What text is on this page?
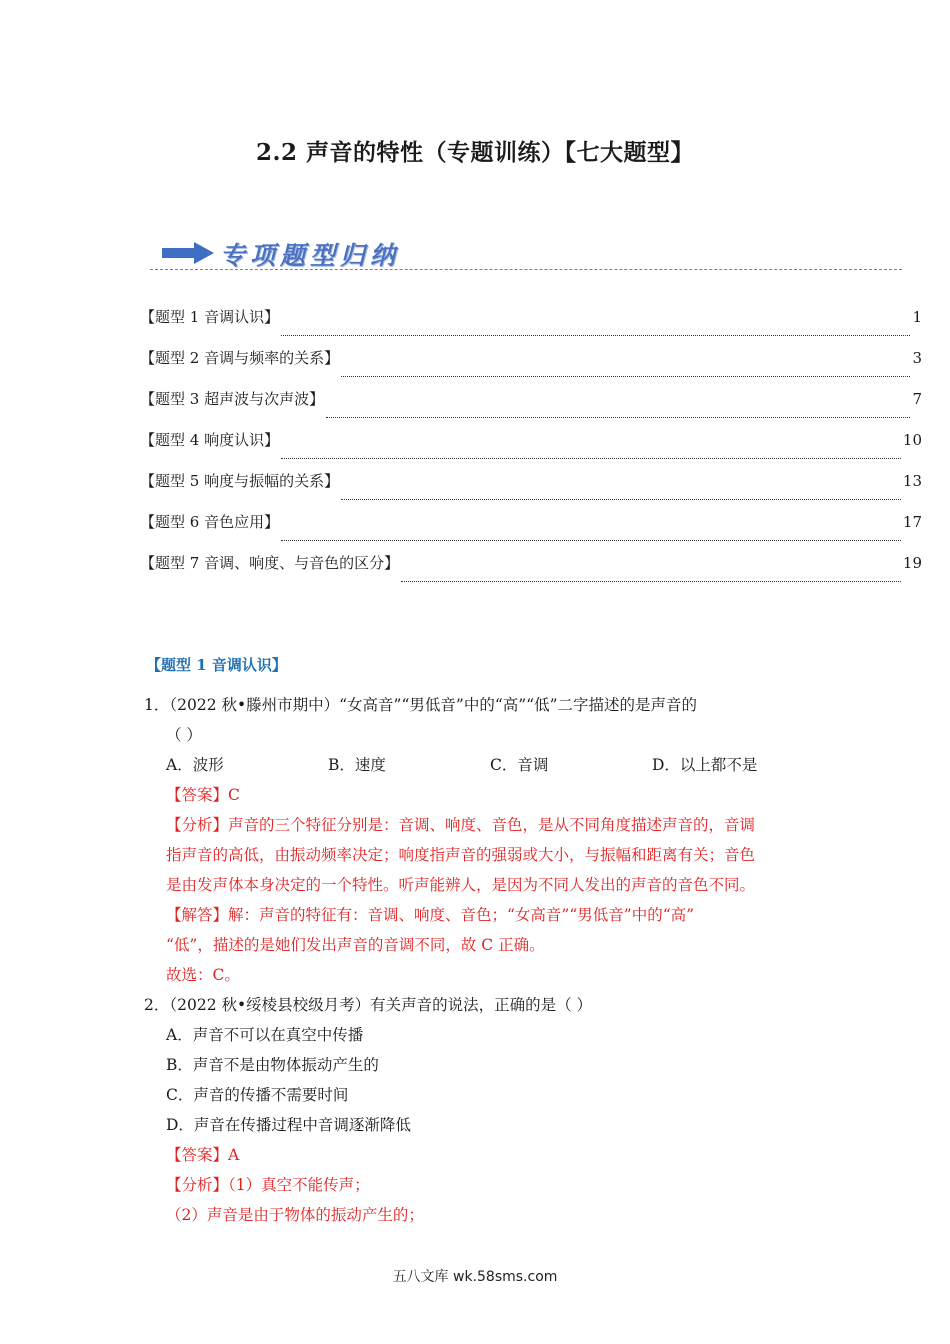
2.2 声音的特性（专题训练）【七大题型】
专项题型归纳
【题型 1 音调认识】	1
【题型 2 音调与频率的关系】	3
【题型 3 超声波与次声波】	7
【题型 4 响度认识】	10
【题型 5 响度与振幅的关系】	13
【题型 6 音色应用】	17
【题型 7 音调、响度、与音色的区分】	19
【题型 1 音调认识】
1．（2022 秋•滕州市期中）“女高音”“男低音”中的“高”“低”二字描述的是声音的
（ ）
A．波形	B．速度	C．音调	D．以上都不是
【答案】C
【分析】声音的三个特征分别是：音调、响度、音色，是从不同角度描述声音的，音调
指声音的高低，由振动频率决定；响度指声音的强弱或大小，与振幅和距离有关；音色
是由发声体本身决定的一个特性。听声能辨人，是因为不同人发出的声音的音色不同。
【解答】解：声音的特征有：音调、响度、音色；“女高音”“男低音”中的“高”
“低”，描述的是她们发出声音的音调不同，故 C 正确。
故选：C。
2．（2022 秋•绥棱县校级月考）有关声音的说法，正确的是（ ）
A．声音不可以在真空中传播
B．声音不是由物体振动产生的
C．声音的传播不需要时间
D．声音在传播过程中音调逐渐降低
【答案】A
【分析】（1）真空不能传声；
（2）声音是由于物体的振动产生的；
五八文库 wk.58sms.com
